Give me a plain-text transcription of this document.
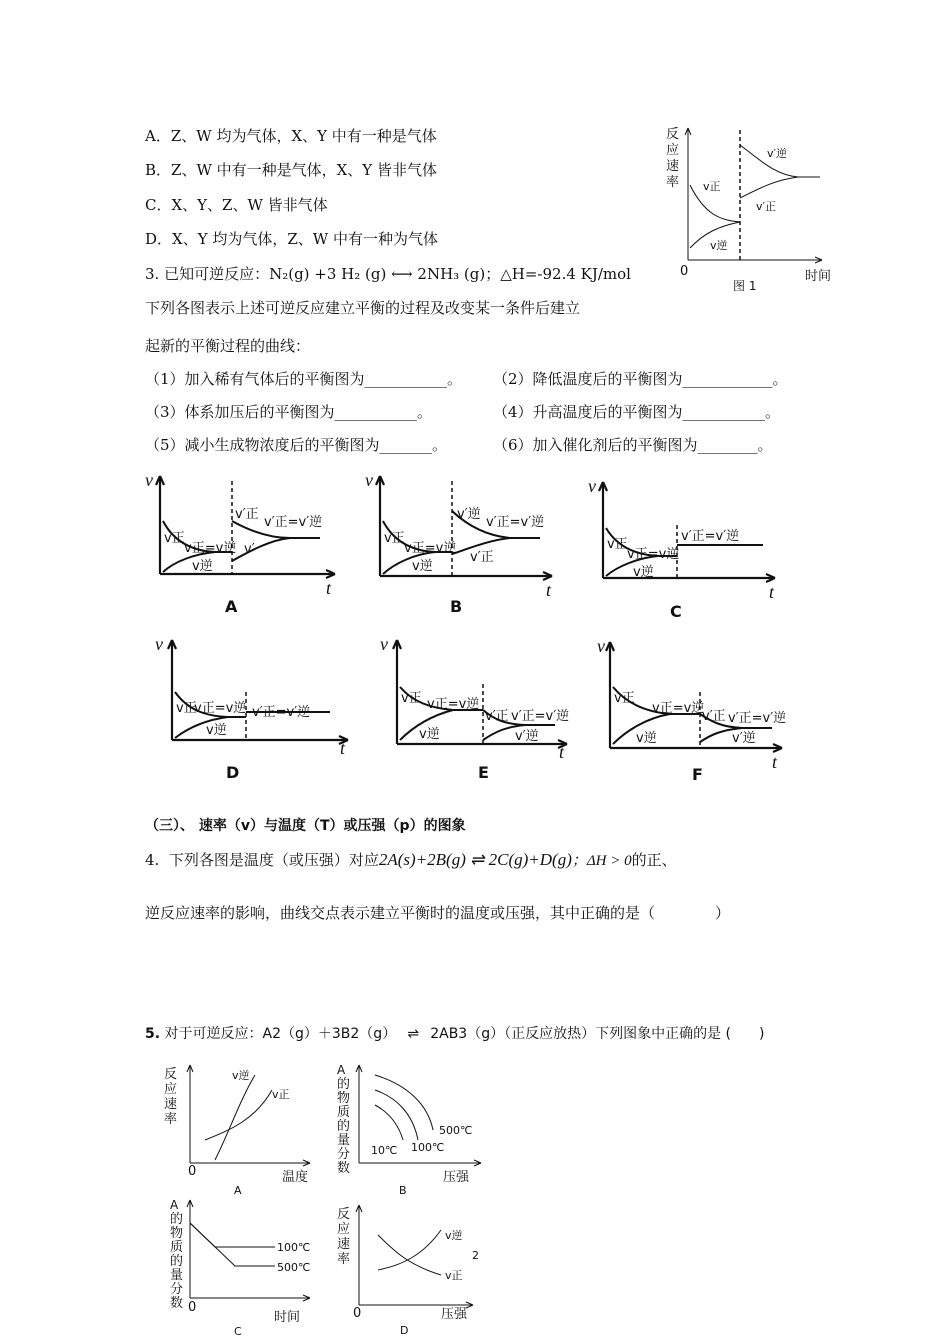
A．Z、W 均为气体，X、Y 中有一种是气体
B．Z、W 中有一种是气体，X、Y 皆非气体
C．X、Y、Z、W 皆非气体
D．X、Y 均为气体，Z、W 中有一种为气体
反
应
速
率 v正
v逆
v′逆
v′正
0	时间
图 1
3. 已知可逆反应：N₂(g) +3 H₂ (g) ⟷ 2NH₃ (g)；△H=-92.4 KJ/mol
下列各图表示上述可逆反应建立平衡的过程及改变某一条件后建立
起新的平衡过程的曲线：
（1）加入稀有气体后的平衡图为___________。 （2）降低温度后的平衡图为____________。
（3）体系加压后的平衡图为___________。	（4）升高温度后的平衡图为___________。
（5）减小生成物浓度后的平衡图为_______。	（6）加入催化剂后的平衡图为________。
v
t
v正
v正=v逆
v逆
v′正
v′正=v′逆
v′
A
v
t
v正
v正=v逆
v逆
v′逆
v′正=v′逆
v′正
B
v
t
v正
v正=v逆
v逆
v′正=v′逆
C
v
t
v正
v正=v逆
v逆
v′正=v′逆
D
v
t
v正 v正=v逆
v逆
v′正 v′正=v′逆
v′逆
E
v
t
v正
v正=v逆
v逆
v′正 v′正=v′逆
v′逆
F
（三）、 速率（v）与温度（T）或压强（p）的图象
4. 下列各图是温度（或压强）对应2A(s)+2B(g) ⇌ 2C(g)+D(g)；ΔH > 0的正、
逆反应速率的影响，曲线交点表示建立平衡时的温度或压强，其中正确的是（　　　　）
5. 对于可逆反应：A2（g）＋3B2（g） ⇌ 2AB3（g）（正反应放热）下列图象中正确的是 (　　)
反
应
速
率
v逆
v正
0	温度
A
A
的
物
质
的
量
分
数
500℃
100℃
10℃
压强
B
A
的
物
质
的
量
分
数
100℃
500℃
0
时间
C
反
应
速
率
v逆
v正
2
0	压强
D
